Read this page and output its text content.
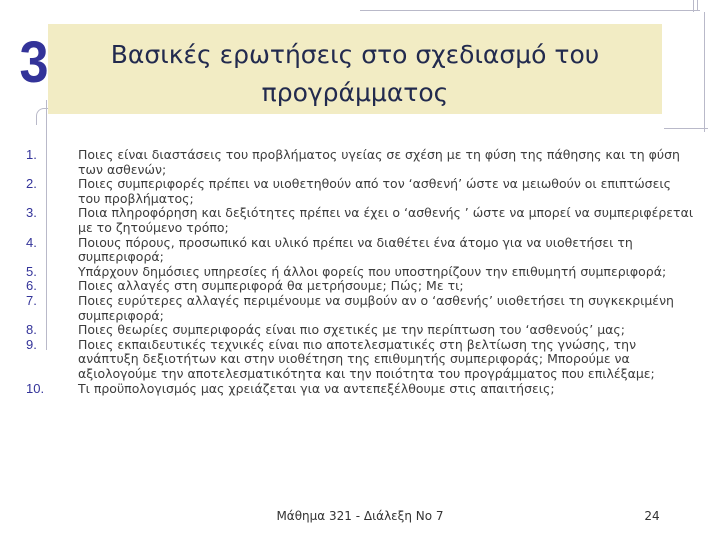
3	Βασικές ερωτήσεις στο σχεδιασμό του
προγράμματος
1.	Ποιες είναι διαστάσεις του προβλήματος υγείας σε σχέση με τη φύση της πάθησης και τη φύση των ασθενών;
2.	Ποιες συμπεριφορές πρέπει να υιοθετηθούν από τον ‘ασθενή’ ώστε να μειωθούν οι επιπτώσεις του προβλήματος;
3.	Ποια πληροφόρηση και δεξιότητες πρέπει να έχει ο ‘ασθενής ’ ώστε να μπορεί να συμπεριφέρεται με το ζητούμενο τρόπο;
4.	Ποιους πόρους, προσωπικό και υλικό πρέπει να διαθέτει ένα άτομο για να υιοθετήσει τη συμπεριφορά;
5.	Υπάρχουν δημόσιες υπηρεσίες ή άλλοι φορείς που υποστηρίζουν την επιθυμητή συμπεριφορά;
6.	Ποιες αλλαγές στη συμπεριφορά θα μετρήσουμε; Πώς; Με τι;
7.	Ποιες ευρύτερες αλλαγές περιμένουμε να συμβούν αν ο ‘ασθενής’ υιοθετήσει τη συγκεκριμένη συμπεριφορά;
8.	Ποιες θεωρίες συμπεριφοράς είναι πιο σχετικές με την περίπτωση του ‘ασθενούς’ μας;
9.	Ποιες εκπαιδευτικές τεχνικές είναι πιο αποτελεσματικές στη βελτίωση της γνώσης, την ανάπτυξη δεξιοτήτων και στην υιοθέτηση της επιθυμητής συμπεριφοράς; Μπορούμε να αξιολογούμε την αποτελεσματικότητα και την ποιότητα του προγράμματος που επιλέξαμε;
10.	Τι προϋπολογισμός μας χρειάζεται για να αντεπεξέλθουμε στις απαιτήσεις;
Μάθημα 321 - Διάλεξη Νο 7	24
